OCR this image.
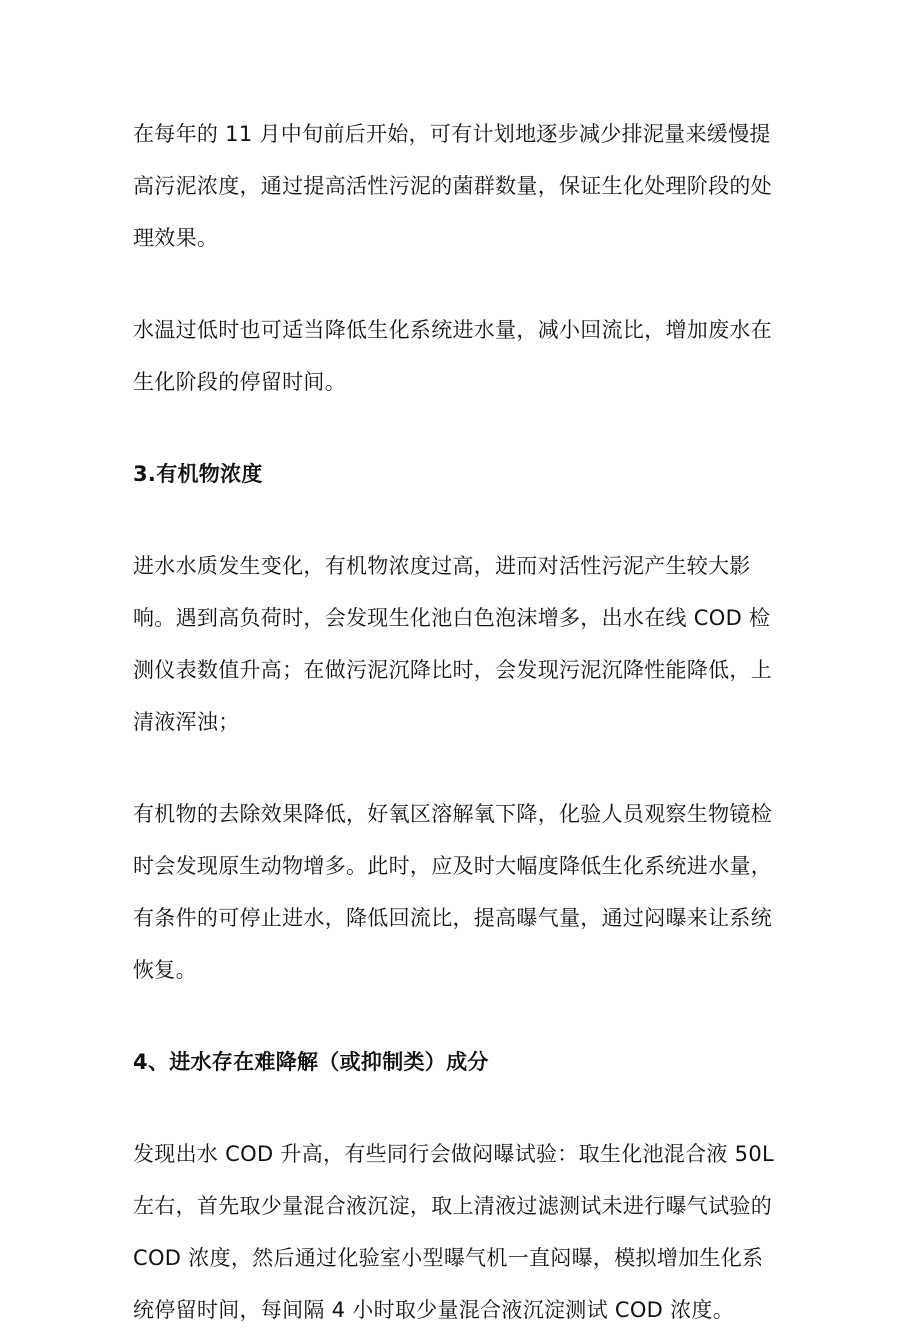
在每年的 11 月中旬前后开始，可有计划地逐步减少排泥量来缓慢提
高污泥浓度，通过提高活性污泥的菌群数量，保证生化处理阶段的处
理效果。

水温过低时也可适当降低生化系统进水量，减小回流比，增加废水在
生化阶段的停留时间。

3.有机物浓度

进水水质发生变化，有机物浓度过高，进而对活性污泥产生较大影
响。遇到高负荷时，会发现生化池白色泡沫增多，出水在线 COD 检
测仪表数值升高；在做污泥沉降比时，会发现污泥沉降性能降低，上
清液浑浊；

有机物的去除效果降低，好氧区溶解氧下降，化验人员观察生物镜检
时会发现原生动物增多。此时，应及时大幅度降低生化系统进水量，
有条件的可停止进水，降低回流比，提高曝气量，通过闷曝来让系统
恢复。

4、进水存在难降解（或抑制类）成分

发现出水 COD 升高，有些同行会做闷曝试验：取生化池混合液 50L
左右，首先取少量混合液沉淀，取上清液过滤测试未进行曝气试验的
COD 浓度，然后通过化验室小型曝气机一直闷曝，模拟增加生化系
统停留时间，每间隔 4 小时取少量混合液沉淀测试 COD 浓度。
